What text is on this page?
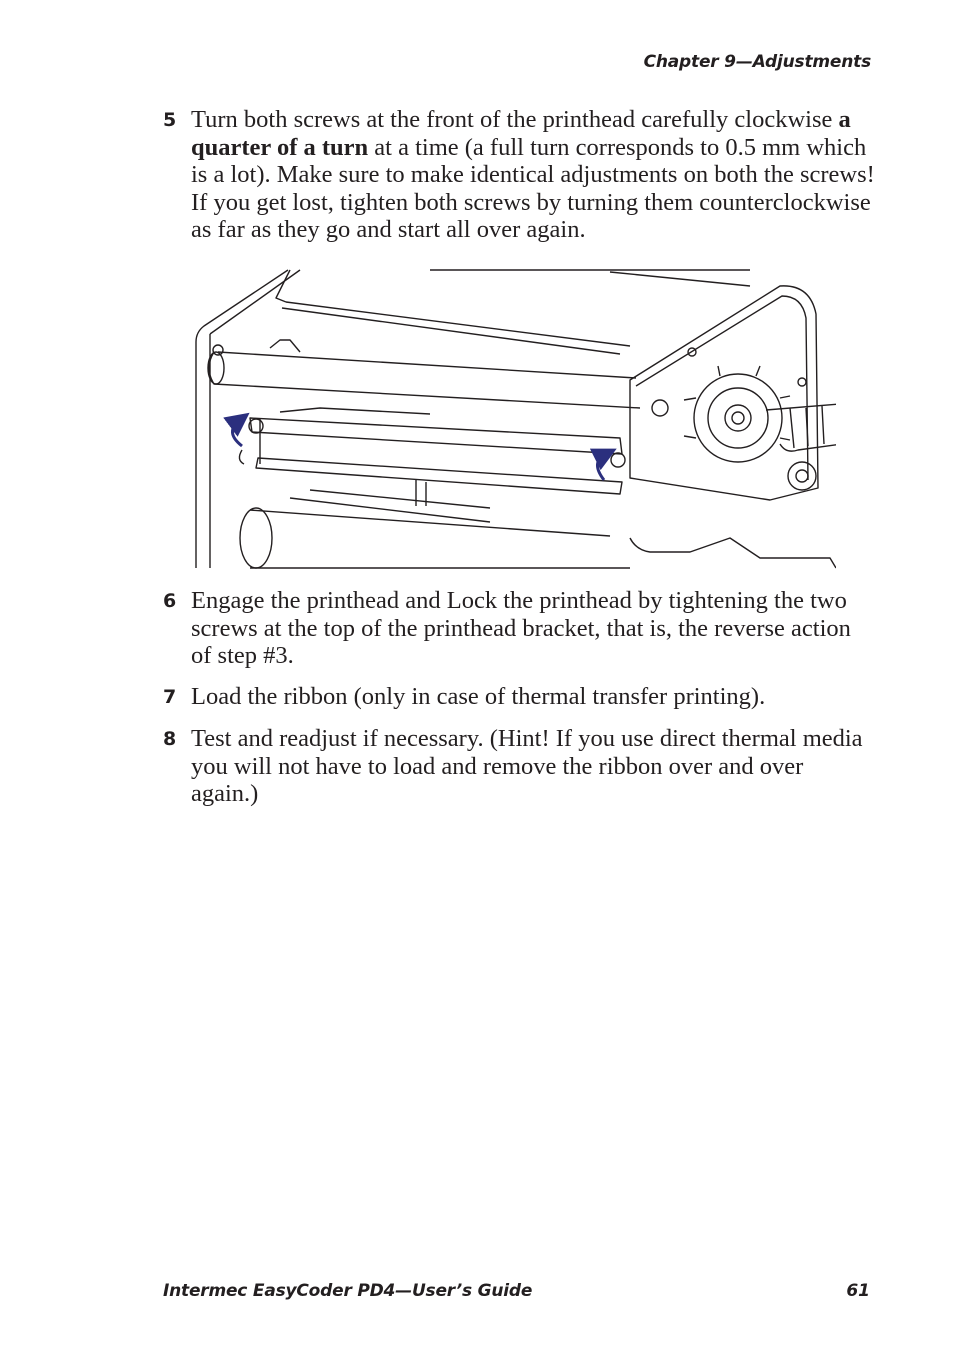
Chapter 9—Adjustments
5 Turn both screws at the front of the printhead carefully clockwise a quarter of a turn at a time (a full turn corresponds to 0.5 mm which is a lot). Make sure to make identical adjustments on both the screws! If you get lost, tighten both screws by turning them counterclockwise as far as they go and start all over again.
6 Engage the printhead and Lock the printhead by tightening the two screws at the top of the printhead bracket, that is, the reverse action of step #3.
7 Load the ribbon (only in case of thermal transfer printing).
8 Test and readjust if necessary. (Hint! If you use direct thermal media you will not have to load and remove the ribbon over and over again.)
Intermec EasyCoder PD4—User’s Guide	61
